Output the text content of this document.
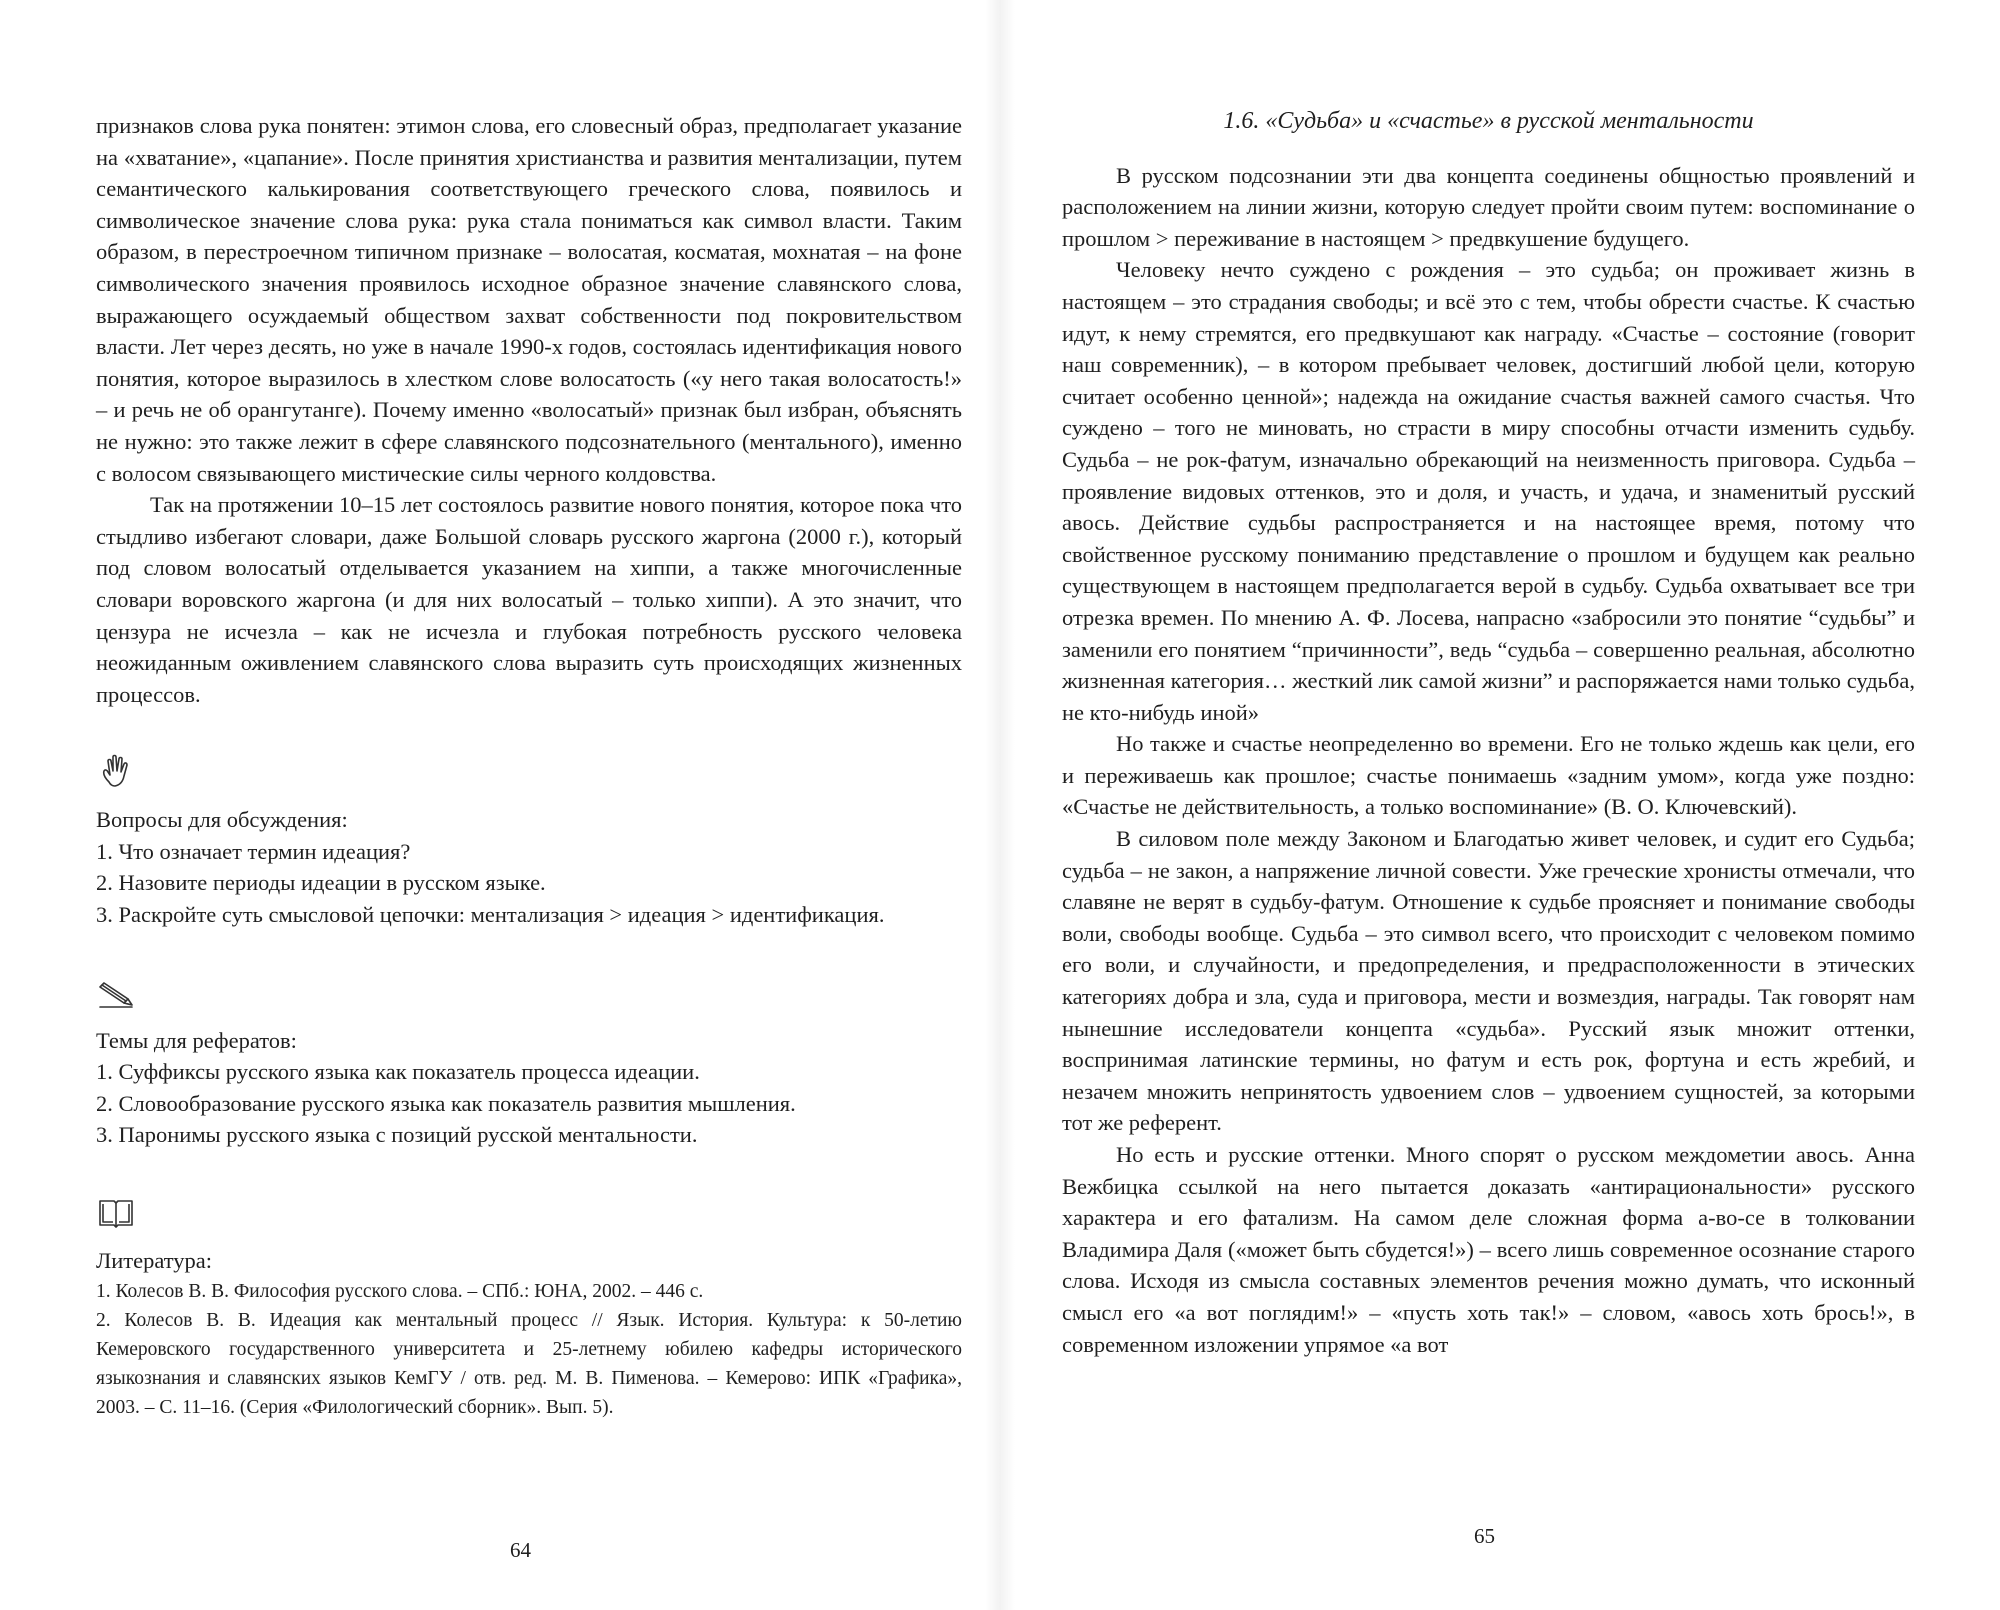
признаков слова рука понятен: этимон слова, его словесный образ, предполагает указание на «хватание», «цапание». После принятия христианства и развития ментализации, путем семантического калькирования соответствующего греческого слова, появилось и символическое значение слова рука: рука стала пониматься как символ власти. Таким образом, в перестроечном типичном признаке – волосатая, косматая, мохнатая – на фоне символического значения проявилось исходное образное значение славянского слова, выражающего осуждаемый обществом захват собственности под покровительством власти. Лет через десять, но уже в начале 1990-х годов, состоялась идентификация нового понятия, которое выразилось в хлестком слове волосатость («у него такая волосатость!» – и речь не об орангутанге). Почему именно «волосатый» признак был избран, объяснять не нужно: это также лежит в сфере славянского подсознательного (ментального), именно с волосом связывающего мистические силы черного колдовства.

Так на протяжении 10–15 лет состоялось развитие нового понятия, которое пока что стыдливо избегают словари, даже Большой словарь русского жаргона (2000 г.), который под словом волосатый отделывается указанием на хиппи, а также многочисленные словари воровского жаргона (и для них волосатый – только хиппи). А это значит, что цензура не исчезла – как не исчезла и глубокая потребность русского человека неожиданным оживлением славянского слова выразить суть происходящих жизненных процессов.

Вопросы для обсуждения:
1. Что означает термин идеация?
2. Назовите периоды идеации в русском языке.
3. Раскройте суть смысловой цепочки: ментализация > идеация > идентификация.
Темы для рефератов:
1. Суффиксы русского языка как показатель процесса идеации.
2. Словообразование русского языка как показатель развития мышления.
3. Паронимы русского языка с позиций русской ментальности.
Литература:
1. Колесов В. В. Философия русского слова. – СПб.: ЮНА, 2002. – 446 с.
2. Колесов В. В. Идеация как ментальный процесс // Язык. История. Культура: к 50-летию Кемеровского государственного университета и 25-летнему юбилею кафедры исторического языкознания и славянских языков КемГУ / отв. ред. М. В. Пименова. – Кемерово: ИПК «Графика», 2003. – С. 11–16. (Серия «Филологический сборник». Вып. 5).
64
1.6. «Судьба» и «счастье» в русской ментальности

В русском подсознании эти два концепта соединены общностью проявлений и расположением на линии жизни, которую следует пройти своим путем: воспоминание о прошлом > переживание в настоящем > предвкушение будущего.

Человеку нечто суждено с рождения – это судьба; он проживает жизнь в настоящем – это страдания свободы; и всё это с тем, чтобы обрести счастье. К счастью идут, к нему стремятся, его предвкушают как награду. «Счастье – состояние (говорит наш современник), – в котором пребывает человек, достигший любой цели, которую считает особенно ценной»; надежда на ожидание счастья важней самого счастья. Что суждено – того не миновать, но страсти в миру способны отчасти изменить судьбу. Судьба – не рок-фатум, изначально обрекающий на неизменность приговора. Судьба – проявление видовых оттенков, это и доля, и участь, и удача, и знаменитый русский авось. Действие судьбы распространяется и на настоящее время, потому что свойственное русскому пониманию представление о прошлом и будущем как реально существующем в настоящем предполагается верой в судьбу. Судьба охватывает все три отрезка времен. По мнению А. Ф. Лосева, напрасно «забросили это понятие “судьбы” и заменили его понятием “причинности”, ведь “судьба – совершенно реальная, абсолютно жизненная категория… жесткий лик самой жизни” и распоряжается нами только судьба, не кто-нибудь иной»

Но также и счастье неопределенно во времени. Его не только ждешь как цели, его и переживаешь как прошлое; счастье понимаешь «задним умом», когда уже поздно: «Счастье не действительность, а только воспоминание» (В. О. Ключевский).

В силовом поле между Законом и Благодатью живет человек, и судит его Судьба; судьба – не закон, а напряжение личной совести. Уже греческие хронисты отмечали, что славяне не верят в судьбу-фатум. Отношение к судьбе проясняет и понимание свободы воли, свободы вообще. Судьба – это символ всего, что происходит с человеком помимо его воли, и случайности, и предопределения, и предрасположенности в этических категориях добра и зла, суда и приговора, мести и возмездия, награды. Так говорят нам нынешние исследователи концепта «судьба». Русский язык множит оттенки, воспринимая латинские термины, но фатум и есть рок, фортуна и есть жребий, и незачем множить непринятость удвоением слов – удвоением сущностей, за которыми тот же референт.

Но есть и русские оттенки. Много спорят о русском междометии авось. Анна Вежбицка ссылкой на него пытается доказать «антирациональности» русского характера и его фатализм. На самом деле сложная форма а-во-се в толковании Владимира Даля («может быть сбудется!») – всего лишь современное осознание старого слова. Исходя из смысла составных элементов речения можно думать, что исконный смысл его «а вот поглядим!» – «пусть хоть так!» – словом, «авось хоть брось!», в современном изложении упрямое «а вот

65
